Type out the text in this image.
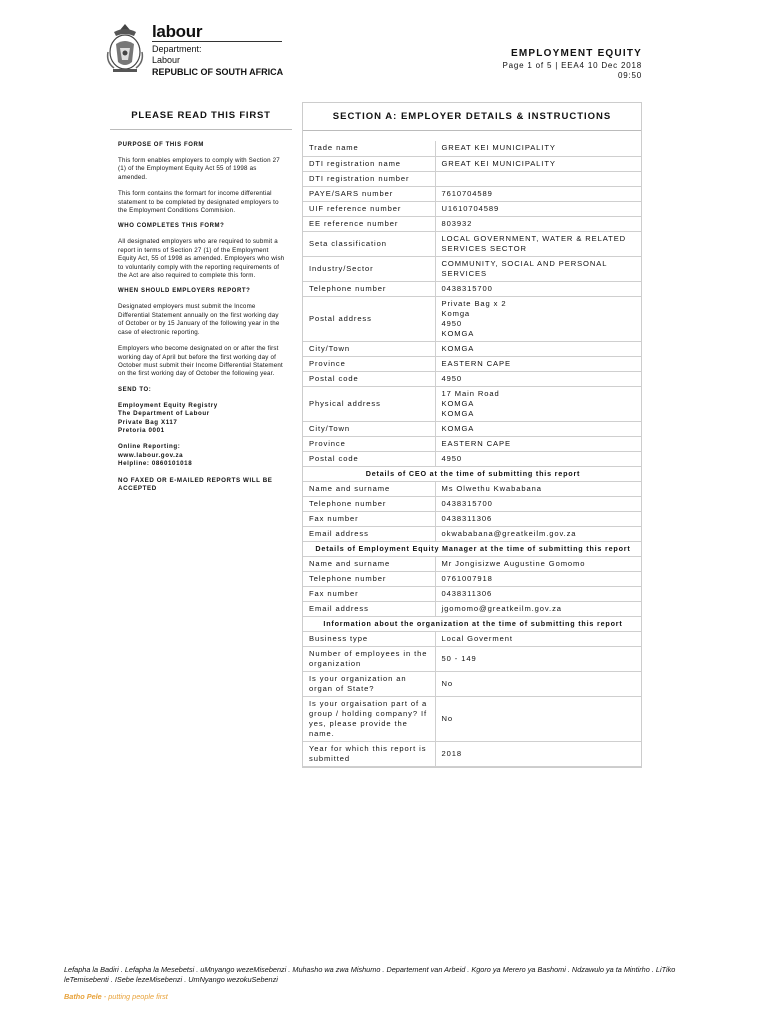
labour
Department:
Labour
REPUBLIC OF SOUTH AFRICA
EMPLOYMENT EQUITY
Page 1 of 5 | EEA4 10 Dec 2018
09:50
PLEASE READ THIS FIRST
PURPOSE OF THIS FORM
This form enables employers to comply with Section 27 (1) of the Employment Equity Act 55 of 1998 as amended.
This form contains the formart for income differential statement to be completed by designated employers to the Employment Conditions Commision.
WHO COMPLETES THIS FORM?
All designated employers who are required to submit a report in terms of Section 27 (1) of the Employment Equity Act, 55 of 1998 as amended. Employers who wish to voluntarily comply with the reporting requirements of the Act are also required to complete this form.
WHEN SHOULD EMPLOYERS REPORT?
Designated employers must submit the Income Differential Statement annually on the first working day of October or by 15 January of the following year in the case of electronic reporting.
Employers who become designated on or after the first working day of April but before the first working day of October must submit their Income Differential Statement on the first working day of October the following year.
SEND TO:
Employment Equity Registry
The Department of Labour
Private Bag X117
Pretoria 0001
Online Reporting:
www.labour.gov.za
Helpline: 0860101018
NO FAXED OR E-MAILED REPORTS WILL BE ACCEPTED
SECTION A: EMPLOYER DETAILS & INSTRUCTIONS
Trade name	GREAT KEI MUNICIPALITY
DTI registration name	GREAT KEI MUNICIPALITY
DTI registration number	
PAYE/SARS number	7610704589
UIF reference number	U1610704589
EE reference number	803932
Seta classification	LOCAL GOVERNMENT, WATER & RELATED SERVICES SECTOR
Industry/Sector	COMMUNITY, SOCIAL AND PERSONAL SERVICES
Telephone number	0438315700
Postal address	Private Bag x 2
Komga
4950
KOMGA
City/Town	KOMGA
Province	EASTERN CAPE
Postal code	4950
Physical address	17 Main Road
KOMGA
KOMGA
City/Town	KOMGA
Province	EASTERN CAPE
Postal code	4950
Details of CEO at the time of submitting this report	
Name and surname	Ms Olwethu Kwababana
Telephone number	0438315700
Fax number	0438311306
Email address	okwababana@greatkeilm.gov.za
Details of Employment Equity Manager at the time of submitting this report	
Name and surname	Mr Jongisizwe Augustine Gomomo
Telephone number	0761007918
Fax number	0438311306
Email address	jgomomo@greatkeilm.gov.za
Information about the organization at the time of submitting this report	
Business type	Local Goverment
Number of employees in the organization	50 - 149
Is your organization an organ of State?	No
Is your orgaisation part of a group / holding company? If yes, please provide the name.	No
Year for which this report is submitted	2018
Lefapha la Badiri . Lefapha la Mesebetsi . uMnyango wezeMisebenzi . Muhasho wa zwa Mishumo . Departement van Arbeid . Kgoro ya Merero ya Bashomi . Ndzawulo ya ta Mintirho . LiTiko leTemisebenti . ISebe lezeMisebenzi . UmNyango wezokuSebenzi
Batho Pele - putting people first
